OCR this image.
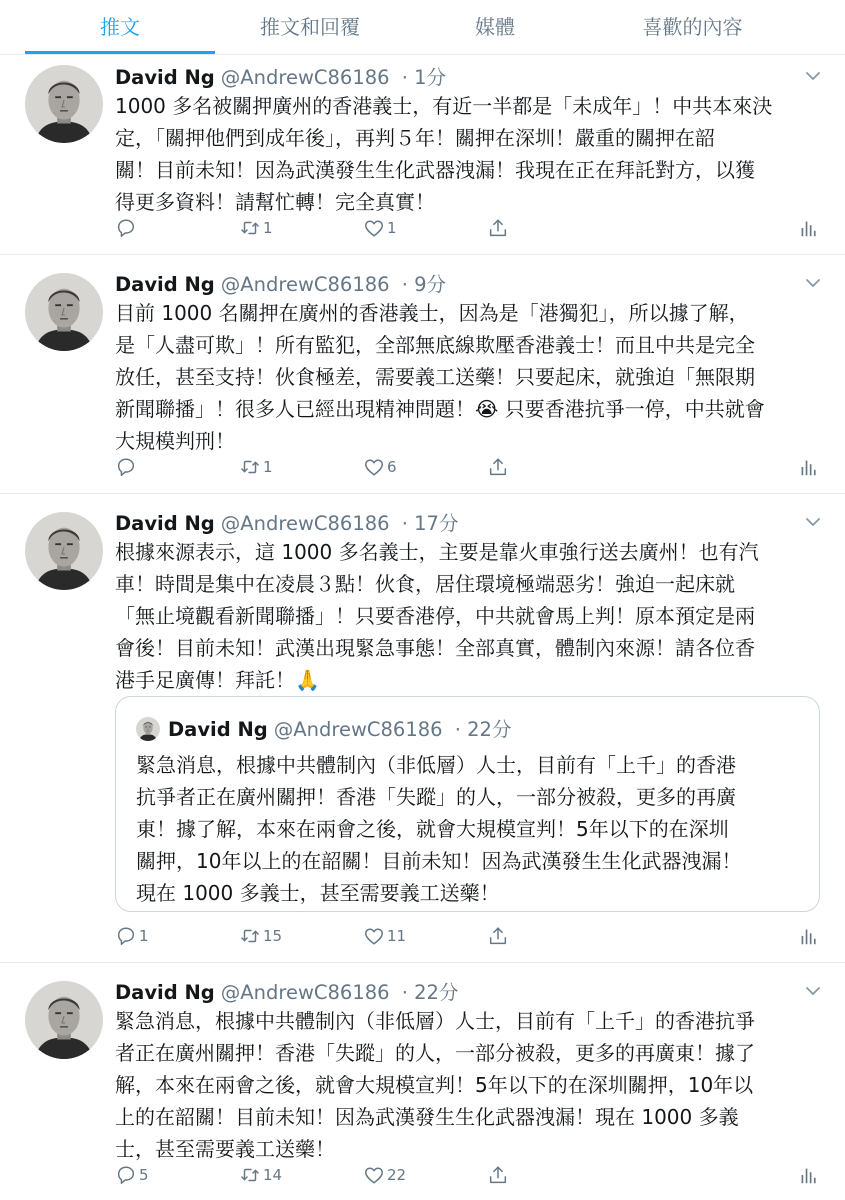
推文	推文和回覆	媒體	喜歡的內容
David Ng @AndrewC86186 · 1分
1000 多名被關押廣州的香港義士，有近一半都是「未成年」！中共本來決
定，「關押他們到成年後」，再判５年！關押在深圳！嚴重的關押在韶
關！目前未知！因為武漢發生生化武器洩漏！我現在正在拜託對方，以獲
得更多資料！請幫忙轉！完全真實！
1	1
David Ng @AndrewC86186 · 9分
目前 1000 名關押在廣州的香港義士，因為是「港獨犯」，所以據了解，
是「人盡可欺」！所有監犯，全部無底線欺壓香港義士！而且中共是完全
放任，甚至支持！伙食極差，需要義工送藥！只要起床，就強迫「無限期
新聞聯播」！很多人已經出現精神問題！😭 只要香港抗爭一停，中共就會
大規模判刑！
1	6
David Ng @AndrewC86186 · 17分
根據來源表示，這 1000 多名義士，主要是靠火車強行送去廣州！也有汽
車！時間是集中在凌晨３點！伙食，居住環境極端惡劣！強迫一起床就
「無止境觀看新聞聯播」！只要香港停，中共就會馬上判！原本預定是兩
會後！目前未知！武漢出現緊急事態！全部真實，體制內來源！請各位香
港手足廣傳！拜託！🙏
David Ng @AndrewC86186 · 22分
緊急消息，根據中共體制內（非低層）人士，目前有「上千」的香港
抗爭者正在廣州關押！香港「失蹤」的人，一部分被殺，更多的再廣
東！據了解，本來在兩會之後，就會大規模宣判！5年以下的在深圳
關押，10年以上的在韶關！目前未知！因為武漢發生生化武器洩漏！
現在 1000 多義士，甚至需要義工送藥！
1	15	11
David Ng @AndrewC86186 · 22分
緊急消息，根據中共體制內（非低層）人士，目前有「上千」的香港抗爭
者正在廣州關押！香港「失蹤」的人，一部分被殺，更多的再廣東！據了
解，本來在兩會之後，就會大規模宣判！5年以下的在深圳關押，10年以
上的在韶關！目前未知！因為武漢發生生化武器洩漏！現在 1000 多義
士，甚至需要義工送藥！
5	14	22
